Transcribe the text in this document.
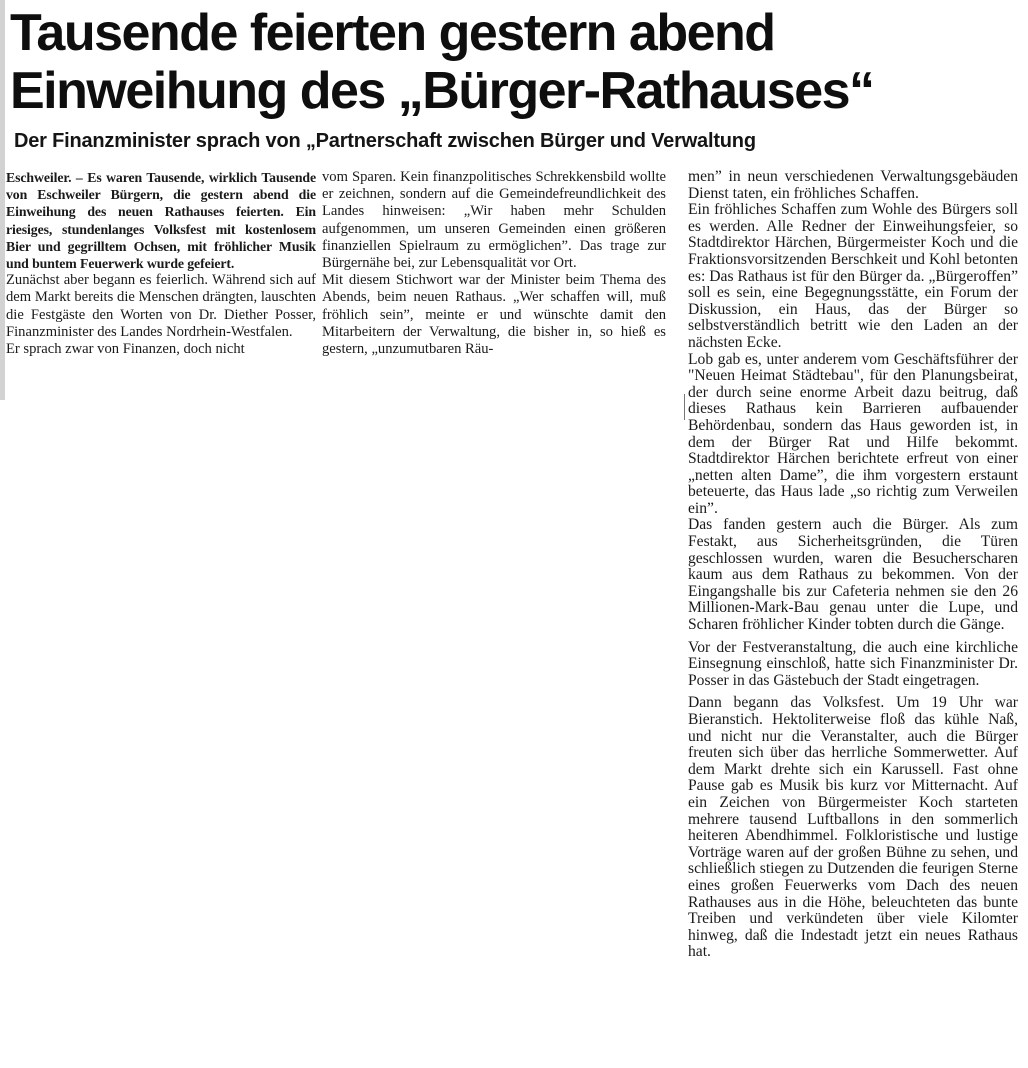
Tausende feierten gestern abend
Einweihung des „Bürger-Rathauses“
Der Finanzminister sprach von „Partnerschaft zwischen Bürger und Verwaltung

Eschweiler. – Es waren Tausende, wirklich Tausende von Eschweiler Bürgern, die gestern abend die Einweihung des neuen Rathauses feierten. Ein riesiges, stundenlanges Volksfest mit kostenlosem Bier und gegrilltem Ochsen, mit fröhlicher Musik und buntem Feuerwerk wurde gefeiert.

Zunächst aber begann es feierlich. Während sich auf dem Markt bereits die Menschen drängten, lauschten die Festgäste den Worten von Dr. Diether Posser, Finanzminister des Landes Nordrhein-Westfalen.

Er sprach zwar von Finanzen, doch nicht

vom Sparen. Kein finanzpolitisches Schrekkensbild wollte er zeichnen, sondern auf die Gemeindefreundlichkeit des Landes hinweisen: „Wir haben mehr Schulden aufgenommen, um unseren Gemeinden einen größeren finanziellen Spielraum zu ermöglichen”. Das trage zur Bürgernähe bei, zur Lebensqualität vor Ort.

Mit diesem Stichwort war der Minister beim Thema des Abends, beim neuen Rathaus. „Wer schaffen will, muß fröhlich sein”, meinte er und wünschte damit den Mitarbeitern der Verwaltung, die bisher in, so hieß es gestern, „unzumutbaren Räu-

men” in neun verschiedenen Verwaltungsgebäuden Dienst taten, ein fröhliches Schaffen.

Ein fröhliches Schaffen zum Wohle des Bürgers soll es werden. Alle Redner der Einweihungsfeier, so Stadtdirektor Härchen, Bürgermeister Koch und die Fraktionsvorsitzenden Berschkeit und Kohl betonten es: Das Rathaus ist für den Bürger da. „Bürgeroffen” soll es sein, eine Begegnungsstätte, ein Forum der Diskussion, ein Haus, das der Bürger so selbstverständlich betritt wie den Laden an der nächsten Ecke.

Lob gab es, unter anderem vom Geschäftsführer der "Neuen Heimat Städtebau", für den Planungsbeirat, der durch seine enorme Arbeit dazu beitrug, daß dieses Rathaus kein Barrieren aufbauender Behördenbau, sondern das Haus geworden ist, in dem der Bürger Rat und Hilfe bekommt. Stadtdirektor Härchen berichtete erfreut von einer „netten alten Dame”, die ihm vorgestern erstaunt beteuerte, das Haus lade „so richtig zum Verweilen ein”.

Das fanden gestern auch die Bürger. Als zum Festakt, aus Sicherheitsgründen, die Türen geschlossen wurden, waren die Besucherscharen kaum aus dem Rathaus zu bekommen. Von der Eingangshalle bis zur Cafeteria nehmen sie den 26 Millionen-Mark-Bau genau unter die Lupe, und Scharen fröhlicher Kinder tobten durch die Gänge.

Vor der Festveranstaltung, die auch eine kirchliche Einsegnung einschloß, hatte sich Finanzminister Dr. Posser in das Gästebuch der Stadt eingetragen.

Dann begann das Volksfest. Um 19 Uhr war Bieranstich. Hektoliterweise floß das kühle Naß, und nicht nur die Veranstalter, auch die Bürger freuten sich über das herrliche Sommerwetter. Auf dem Markt drehte sich ein Karussell. Fast ohne Pause gab es Musik bis kurz vor Mitternacht. Auf ein Zeichen von Bürgermeister Koch starteten mehrere tausend Luftballons in den sommerlich heiteren Abendhimmel. Folkloristische und lustige Vorträge waren auf der großen Bühne zu sehen, und schließlich stiegen zu Dutzenden die feurigen Sterne eines großen Feuerwerks vom Dach des neuen Rathauses aus in die Höhe, beleuchteten das bunte Treiben und verkündeten über viele Kilomter hinweg, daß die Indestadt jetzt ein neues Rathaus hat.
